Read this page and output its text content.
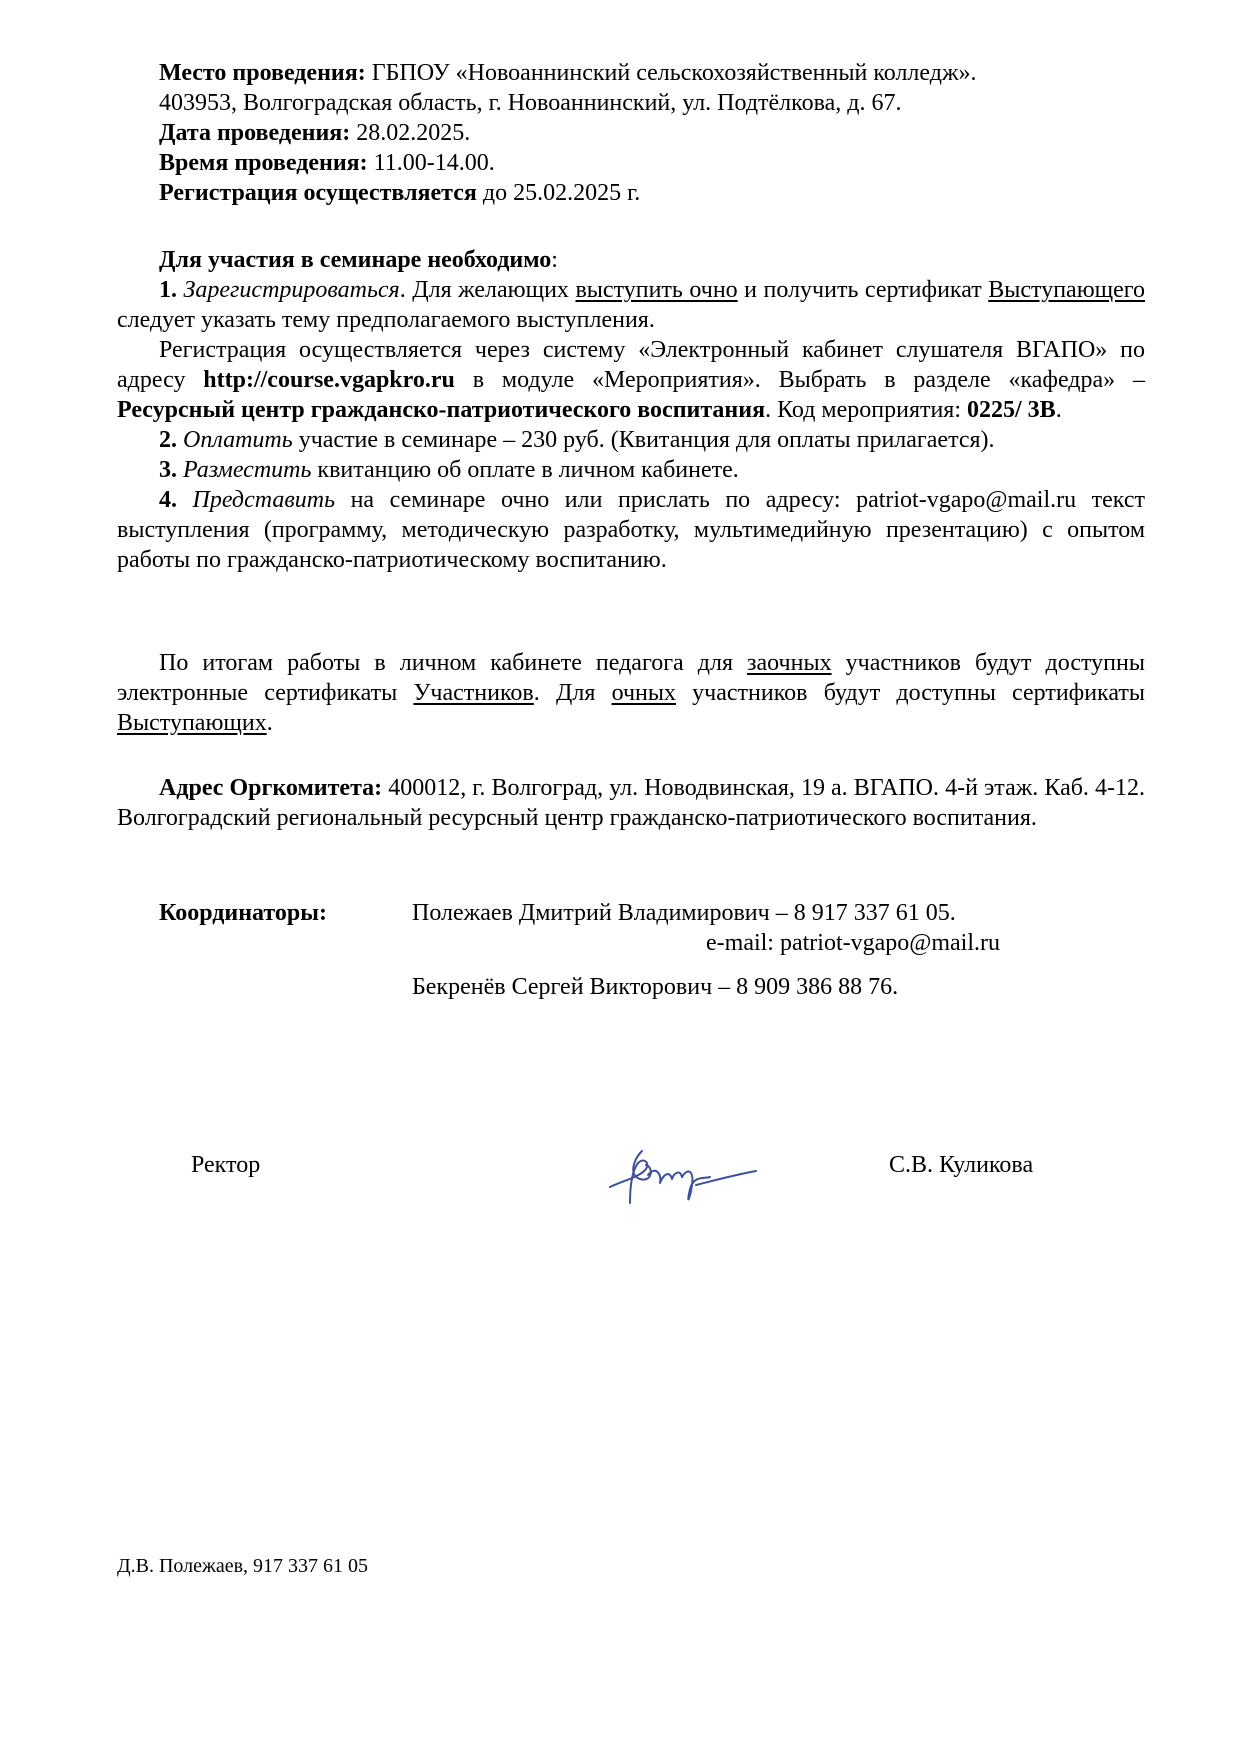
Место проведения: ГБПОУ «Новоаннинский сельскохозяйственный колледж».

403953, Волгоградская область, г. Новоаннинский, ул. Подтёлкова, д. 67.

Дата проведения: 28.02.2025.

Время проведения: 11.00-14.00.

Регистрация осуществляется до 25.02.2025 г.

Для участия в семинаре необходимо:

1. Зарегистрироваться. Для желающих выступить очно и получить сертификат Выступающего следует указать тему предполагаемого выступления.

Регистрация осуществляется через систему «Электронный кабинет слушателя ВГАПО» по адресу http://course.vgapkro.ru в модуле «Мероприятия». Выбрать в разделе «кафедра» – Ресурсный центр гражданско-патриотического воспитания. Код мероприятия: 0225/ 3В.

2. Оплатить участие в семинаре – 230 руб. (Квитанция для оплаты прилагается).

3. Разместить квитанцию об оплате в личном кабинете.

4. Представить на семинаре очно или прислать по адресу: patriot-vgapo@mail.ru текст выступления (программу, методическую разработку, мультимедийную презентацию) с опытом работы по гражданско-патриотическому воспитанию.

По итогам работы в личном кабинете педагога для заочных участников будут доступны электронные сертификаты Участников. Для очных участников будут доступны сертификаты Выступающих.

Адрес Оргкомитета: 400012, г. Волгоград, ул. Новодвинская, 19 а. ВГАПО. 4-й этаж. Каб. 4-12. Волгоградский региональный ресурсный центр гражданско-патриотического воспитания.

Координаторы:	Полежаев Дмитрий Владимирович – 8 917 337 61 05.
e-mail: patriot-vgapo@mail.ru
Бекренёв Сергей Викторович – 8 909 386 88 76.
Ректор	С.В. Куликова
Д.В. Полежаев, 917 337 61 05
